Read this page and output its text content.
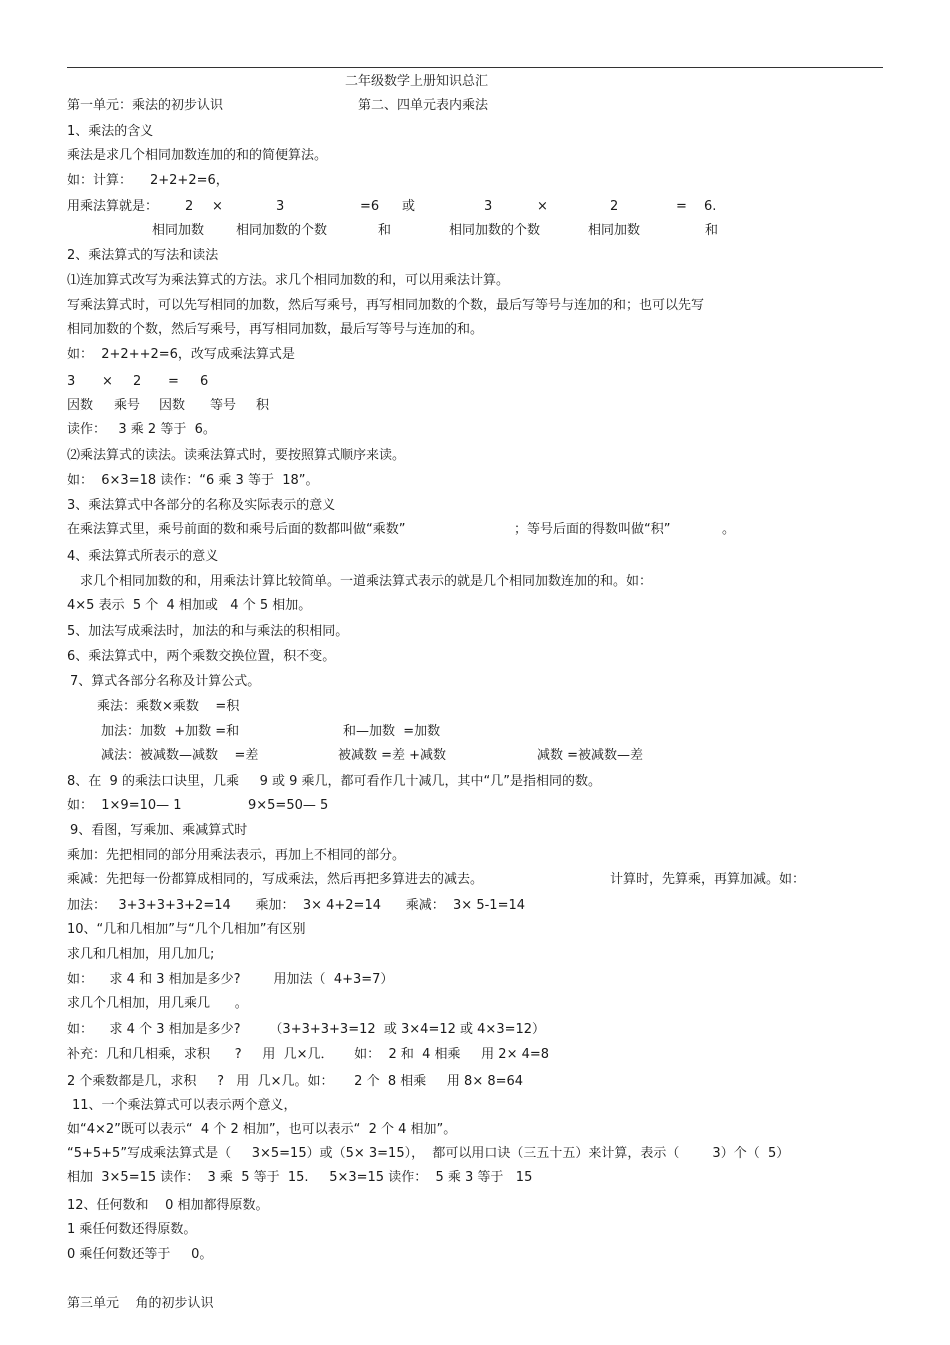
二年级数学上册知识总汇
第一单元：乘法的初步认识	第二、四单元表内乘法
1、乘法的含义
乘法是求几个相同加数连加的和的简便算法。
如：计算： 2+2+2=6，
用乘法算就是： 2 ×	3	=6 或	3	×	2	= 6.
相同加数 相同加数的个数	和	相同加数的个数	相同加数	和
2、乘法算式的写法和读法
⑴连加算式改写为乘法算式的方法。求几个相同加数的和，可以用乘法计算。
写乘法算式时，可以先写相同的加数，然后写乘号，再写相同加数的个数，最后写等号与连加的和；也可以先写
相同加数的个数，然后写乘号，再写相同加数，最后写等号与连加的和。
如：  2+2++2=6，改写成乘法算式是
3 × 2 = 6
因数 乘号 因数 等号 积
读作：   3 乘 2 等于  6。
⑵乘法算式的读法。读乘法算式时，要按照算式顺序来读。
如：  6×3=18 读作：“6 乘 3 等于  18”。
3、乘法算式中各部分的名称及实际表示的意义
在乘法算式里，乘号前面的数和乘号后面的数都叫做“乘数”	；等号后面的得数叫做“积”	。
4、乘法算式所表示的意义
求几个相同加数的和，用乘法计算比较简单。一道乘法算式表示的就是几个相同加数连加的和。如：
4×5 表示  5 个  4 相加或   4 个 5 相加。
5、加法写成乘法时，加法的和与乘法的积相同。
6、乘法算式中，两个乘数交换位置，积不变。
7、算式各部分名称及计算公式。
乘法：乘数×乘数    =积
加法：加数  +加数 =和	和—加数  =加数
减法：被减数—减数    =差	被减数 =差 +减数	减数 =被减数—差
8、在  9 的乘法口诀里，几乘     9 或 9 乘几，都可看作几十减几，其中“几”是指相同的数。
如：  1×9=10— 1	9×5=50— 5
9、看图，写乘加、乘减算式时
乘加：先把相同的部分用乘法表示，再加上不相同的部分。
乘减：先把每一份都算成相同的，写成乘法，然后再把多算进去的减去。	计算时，先算乘，再算加减。如：
加法：   3+3+3+3+2=14      乘加：  3× 4+2=14      乘减：  3× 5-1=14
10、“几和几相加”与“几个几相加”有区别
求几和几相加，用几加几;
如：    求 4 和 3 相加是多少?        用加法（  4+3=7）
求几个几相加，用几乘几      。
如：    求 4 个 3 相加是多少?       （3+3+3+3=12  或 3×4=12 或 4×3=12）
补充：几和几相乘，求积      ?     用  几×几．     如：  2 和  4 相乘     用 2× 4=8
2 个乘数都是几，求积     ?   用  几×几。如：     2 个  8 相乘     用 8× 8=64
11、一个乘法算式可以表示两个意义，
如“4×2”既可以表示“  4 个 2 相加”，也可以表示“  2 个 4 相加”。
“5+5+5”写成乘法算式是（     3×5=15）或（5× 3=15），  都可以用口诀（三五十五）来计算，表示（        3）个（  5）
相加  3×5=15 读作：  3 乘  5 等于  15.     5×3=15 读作：  5 乘 3 等于   15
12、任何数和    0 相加都得原数。
1 乘任何数还得原数。
0 乘任何数还等于     0。
第三单元    角的初步认识
